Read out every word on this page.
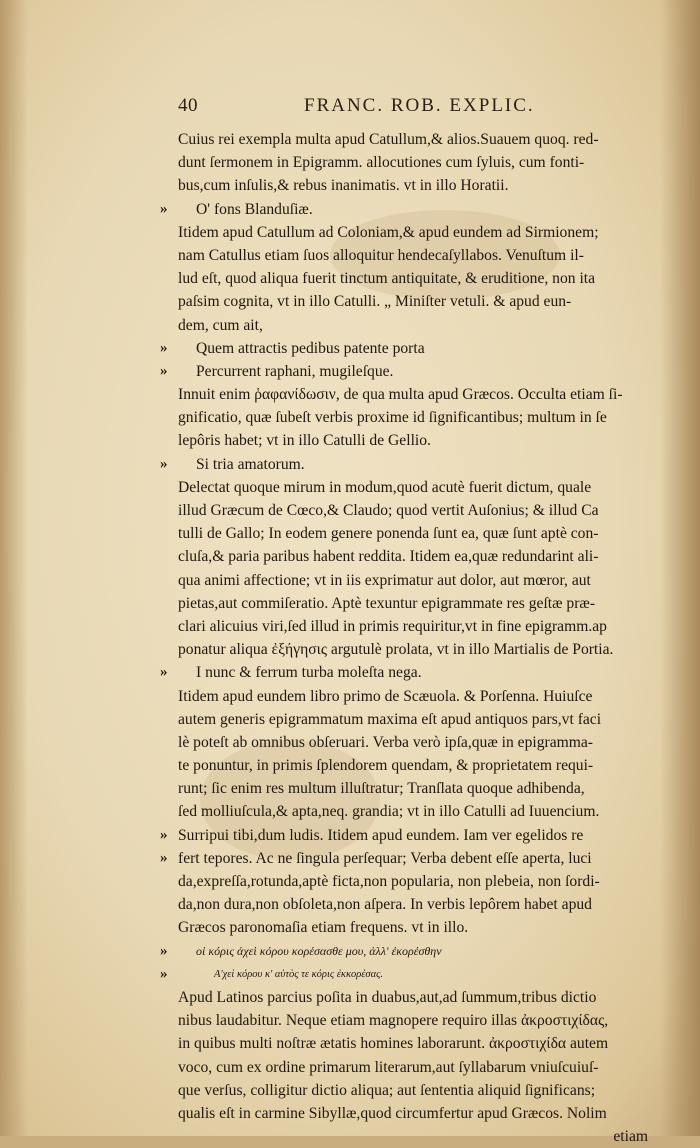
40	FRANC. ROB. EXPLIC.
Cuius rei exempla multa apud Catullum,& alios.Suauem quoq. red-
dunt ſermonem in Epigramm. allocutiones cum ſyluis, cum fonti-
bus,cum inſulis,& rebus inanimatis. vt in illo Horatii.
» O' fons Blanduſiæ.
Itidem apud Catullum ad Coloniam,& apud eundem ad Sirmionem;
nam Catullus etiam ſuos alloquitur hendecaſyllabos. Venuſtum il-
lud eſt, quod aliqua fuerit tinctum antiquitate, & eruditione, non ita
paſsim cognita, vt in illo Catulli. „ Miniſter vetuli. & apud eun-
dem, cum ait,
» Quem attractis pedibus patente porta
» Percurrent raphani, mugileſque.
Innuit enim ῥαφανίδωσιν, de qua multa apud Græcos. Occulta etiam ſi-
gnificatio, quæ ſubeſt verbis proxime id ſignificantibus; multum in ſe
lepôris habet; vt in illo Catulli de Gellio.
» Si tria amatorum.
Delectat quoque mirum in modum,quod acutè fuerit dictum, quale
illud Græcum de Cœco,& Claudo; quod vertit Auſonius; & illud Ca
tulli de Gallo; In eodem genere ponenda ſunt ea, quæ ſunt aptè con-
cluſa,& paria paribus habent reddita. Itidem ea,quæ redundarint ali-
qua animi affectione; vt in iis exprimatur aut dolor, aut mœror, aut
pietas,aut commiſeratio. Aptè texuntur epigrammate res geſtæ præ-
clari alicuius viri,ſed illud in primis requiritur,vt in fine epigramm.ap
ponatur aliqua ἐξήγησις argutulè prolata, vt in illo Martialis de Portia.
» I nunc & ferrum turba moleſta nega.
Itidem apud eundem libro primo de Scæuola. & Porſenna. Huiuſce
autem generis epigrammatum maxima eſt apud antiquos pars,vt faci
lè poteſt ab omnibus obſeruari. Verba verò ipſa,quæ in epigramma-
te ponuntur, in primis ſplendorem quendam, & proprietatem requi-
runt; ſic enim res multum illuſtratur; Tranſlata quoque adhibenda,
ſed molliuſcula,& apta,neq. grandia; vt in illo Catulli ad Iuuencium.
» Surripui tibi,dum ludis. Itidem apud eundem. Iam ver egelidos re
» fert tepores. Ac ne ſingula perſequar; Verba debent eſſe aperta, luci
da,expreſſa,rotunda,aptè ficta,non popularia, non plebeia, non ſordi-
da,non dura,non obſoleta,non aſpera. In verbis lepôrem habet apud
Græcos paronomaſia etiam frequens. vt in illo.
» οἱ κόρις ἀχεὶ κόρου κορέσασθε μου, ἀλλ' ἐκορέσθην
»	Α'χεὶ κόρου κ' αὐτὸς τε κόρις ἐκκορέσας.
Apud Latinos parcius poſita in duabus,aut,ad ſummum,tribus dictio
nibus laudabitur. Neque etiam magnopere requiro illas ἀκροστιχίδας,
in quibus multi noſtræ ætatis homines laborarunt. ἀκροστιχίδα autem
voco, cum ex ordine primarum literarum,aut ſyllabarum vniuſcuiuſ-
que verſus, colligitur dictio aliqua; aut ſententia aliquid ſignificans;
qualis eſt in carmine Sibyllæ,quod circumfertur apud Græcos. Nolim
etiam
